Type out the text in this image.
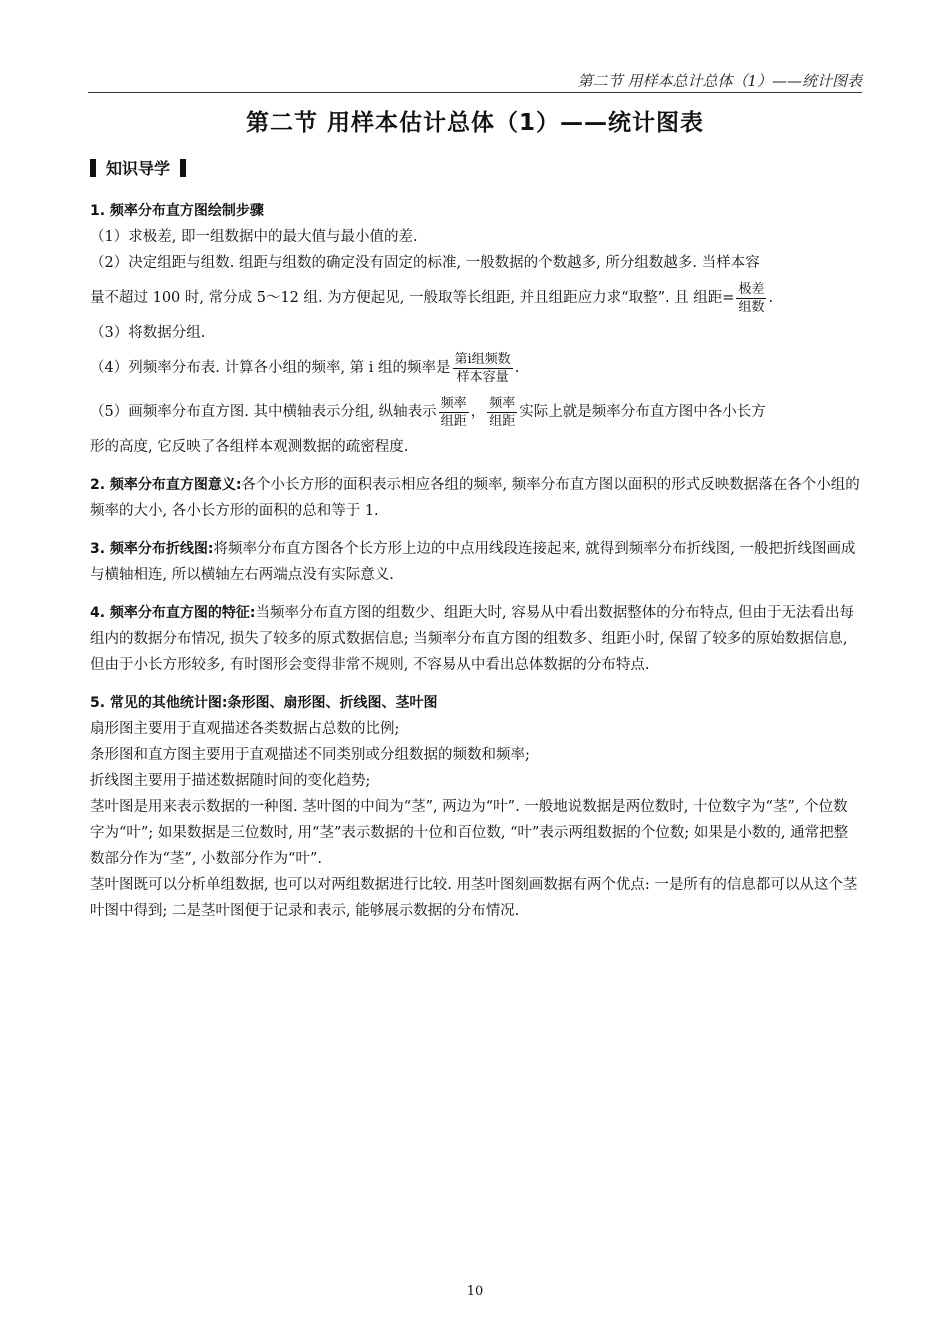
第二节 用样本总计总体（1）——统计图表
第二节 用样本估计总体（1）——统计图表
知识导学

1. 频率分布直方图绘制步骤

（1）求极差, 即一组数据中的最大值与最小值的差.

（2）决定组距与组数. 组距与组数的确定没有固定的标准, 一般数据的个数越多, 所分组数越多. 当样本容

量不超过 100 时, 常分成 5～12 组. 为方便起见, 一般取等长组距, 并且组距应力求“取整”. 且 组距= $\frac{\text{极差}}{\text{组数}}$ .

（3）将数据分组.

（4）列频率分布表. 计算各小组的频率, 第 i 组的频率是 $\frac{\text{第i组频数}}{\text{样本容量}}$ .

（5）画频率分布直方图. 其中横轴表示分组, 纵轴表示 $\frac{\text{频率}}{\text{组距}}$ ， $\frac{\text{频率}}{\text{组距}}$ 实际上就是频率分布直方图中各小长方

形的高度, 它反映了各组样本观测数据的疏密程度.

2. 频率分布直方图意义:各个小长方形的面积表示相应各组的频率, 频率分布直方图以面积的形式反映数据落在各个小组的频率的大小, 各小长方形的面积的总和等于 1.

3. 频率分布折线图:将频率分布直方图各个长方形上边的中点用线段连接起来, 就得到频率分布折线图, 一般把折线图画成与横轴相连, 所以横轴左右两端点没有实际意义.

4. 频率分布直方图的特征:当频率分布直方图的组数少、组距大时, 容易从中看出数据整体的分布特点, 但由于无法看出每组内的数据分布情况, 损失了较多的原式数据信息; 当频率分布直方图的组数多、组距小时, 保留了较多的原始数据信息, 但由于小长方形较多, 有时图形会变得非常不规则, 不容易从中看出总体数据的分布特点.

5. 常见的其他统计图:条形图、扇形图、折线图、茎叶图

扇形图主要用于直观描述各类数据占总数的比例;

条形图和直方图主要用于直观描述不同类别或分组数据的频数和频率;

折线图主要用于描述数据随时间的变化趋势;

茎叶图是用来表示数据的一种图. 茎叶图的中间为“茎”, 两边为“叶”. 一般地说数据是两位数时, 十位数字为“茎”, 个位数字为“叶”; 如果数据是三位数时, 用“茎”表示数据的十位和百位数, “叶”表示两组数据的个位数; 如果是小数的, 通常把整数部分作为“茎”, 小数部分作为“叶”.

茎叶图既可以分析单组数据, 也可以对两组数据进行比较. 用茎叶图刻画数据有两个优点: 一是所有的信息都可以从这个茎叶图中得到; 二是茎叶图便于记录和表示, 能够展示数据的分布情况.

10
